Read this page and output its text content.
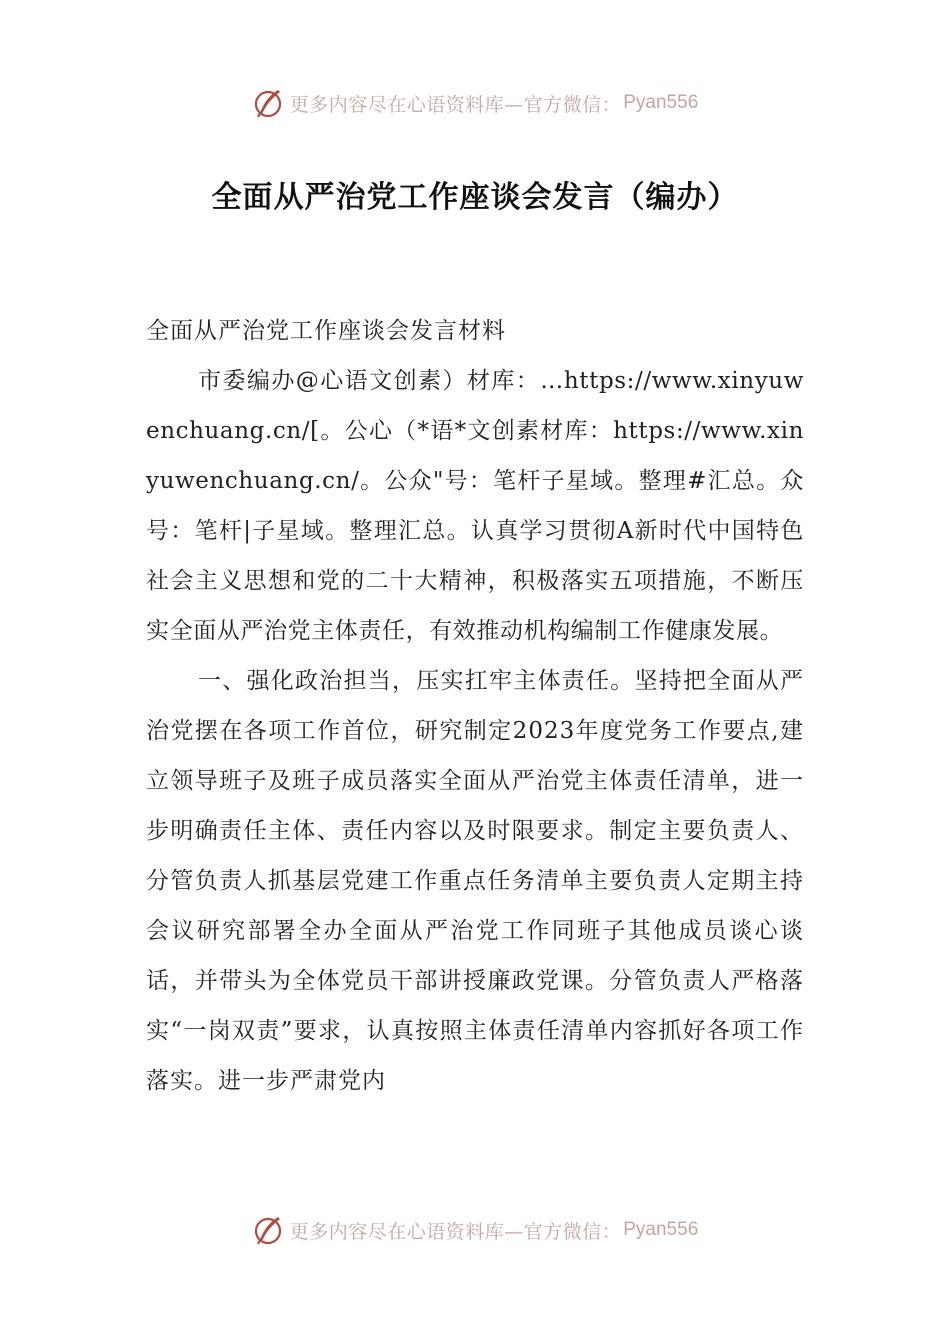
更多内容尽在心语资料库—官方微信： Pyan556
全面从严治党工作座谈会发言（编办）

全面从严治党工作座谈会发言材料

市委编办@心语文创素）材库：…https://www.xinyuwenchuang.cn/[。公心（*语*文创素材库：https://www.xinyuwenchuang.cn/。公众"号：笔杆子星域。整理#汇总。众号：笔杆|子星域。整理汇总。认真学习贯彻A新时代中国特色社会主义思想和党的二十大精神，积极落实五项措施，不断压实全面从严治党主体责任，有效推动机构编制工作健康发展。

一、强化政治担当，压实扛牢主体责任。坚持把全面从严治党摆在各项工作首位，研究制定2023年度党务工作要点,建立领导班子及班子成员落实全面从严治党主体责任清单，进一步明确责任主体、责任内容以及时限要求。制定主要负责人、分管负责人抓基层党建工作重点任务清单主要负责人定期主持会议研究部署全办全面从严治党工作同班子其他成员谈心谈话，并带头为全体党员干部讲授廉政党课。分管负责人严格落实“一岗双责”要求，认真按照主体责任清单内容抓好各项工作落实。进一步严肃党内

更多内容尽在心语资料库—官方微信： Pyan556
